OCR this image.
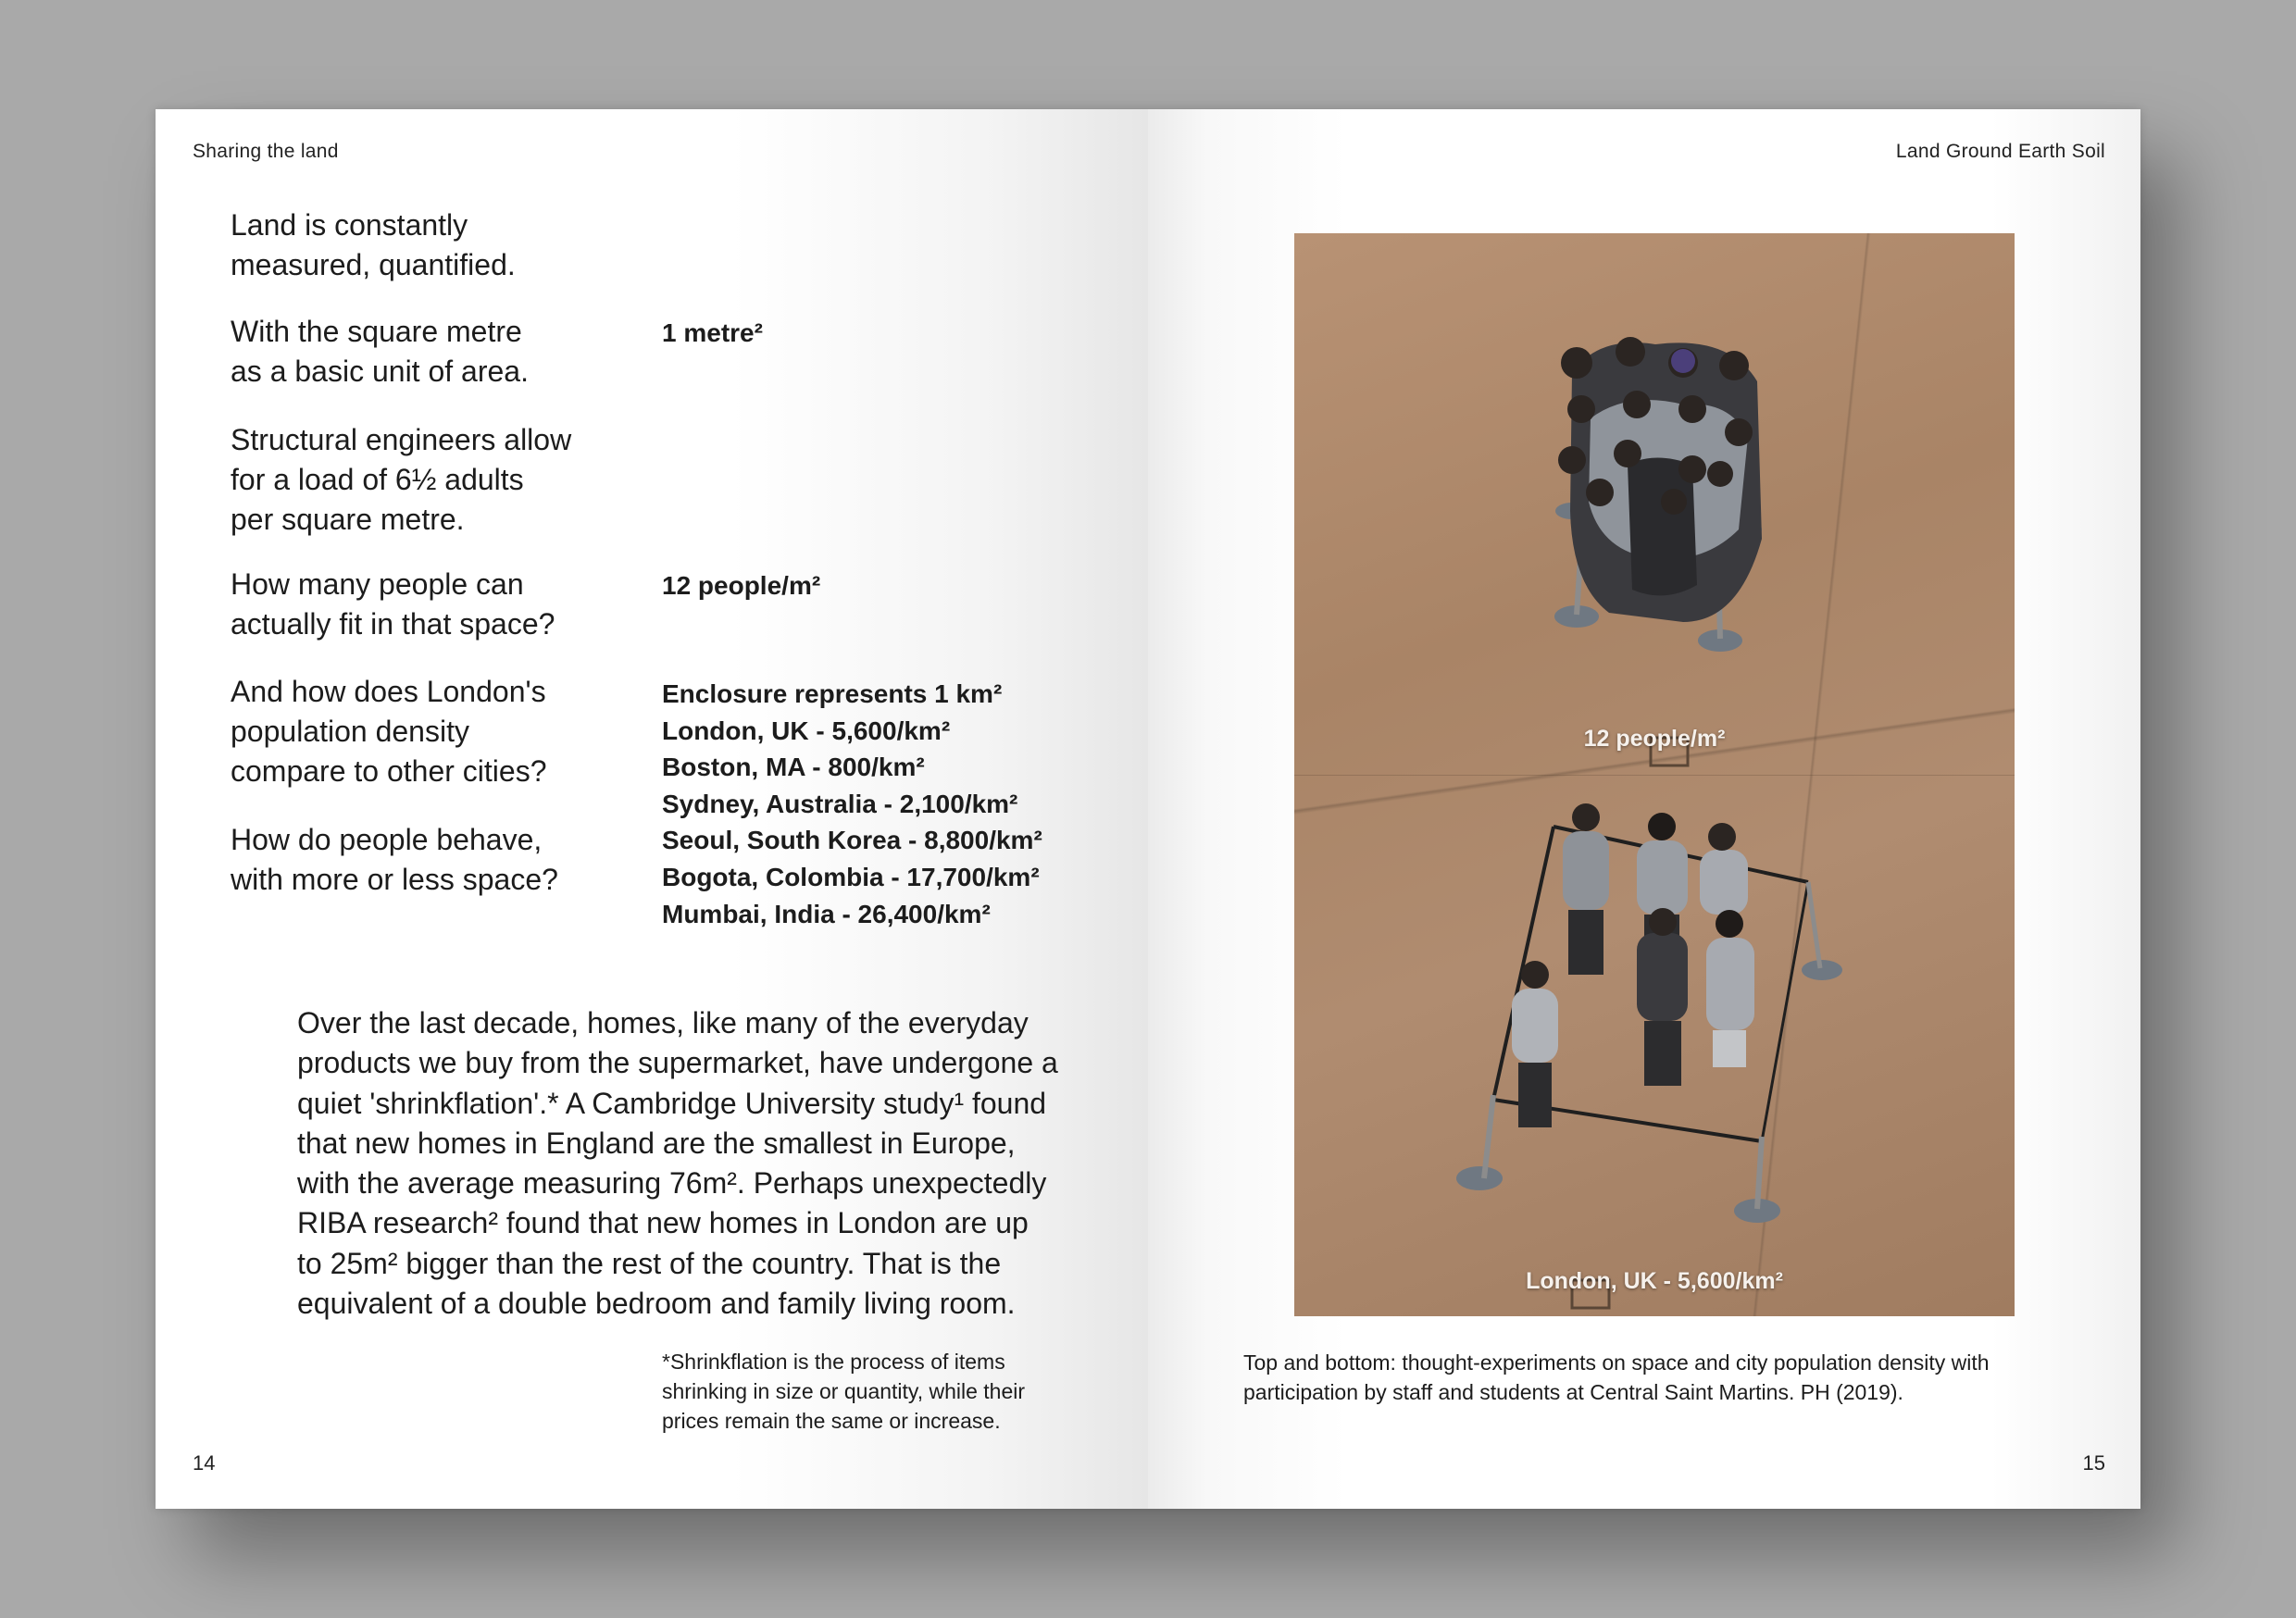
Sharing the land
Land is constantly
measured, quantified.
With the square metre
as a basic unit of area.
1 metre²
Structural engineers allow
for a load of 6½ adults
per square metre.
How many people can
actually fit in that space?
12 people/m²
And how does London's
population density
compare to other cities?
How do people behave,
with more or less space?
Enclosure represents 1 km²
London, UK - 5,600/km²
Boston, MA - 800/km²
Sydney, Australia - 2,100/km²
Seoul, South Korea - 8,800/km²
Bogota, Colombia - 17,700/km²
Mumbai, India - 26,400/km²
Over the last decade, homes, like many of the everyday
products we buy from the supermarket, have undergone a
quiet 'shrinkflation'.* A Cambridge University study¹ found
that new homes in England are the smallest in Europe,
with the average measuring 76m². Perhaps unexpectedly
RIBA research² found that new homes in London are up
to 25m² bigger than the rest of the country. That is the
equivalent of a double bedroom and family living room.
*Shrinkflation is the process of items
shrinking in size or quantity, while their
prices remain the same or increase.
14
Land Ground Earth Soil
15
12 people/m²
London, UK - 5,600/km²
Top and bottom: thought-experiments on space and city population density with
participation by staff and students at Central Saint Martins. PH (2019).
